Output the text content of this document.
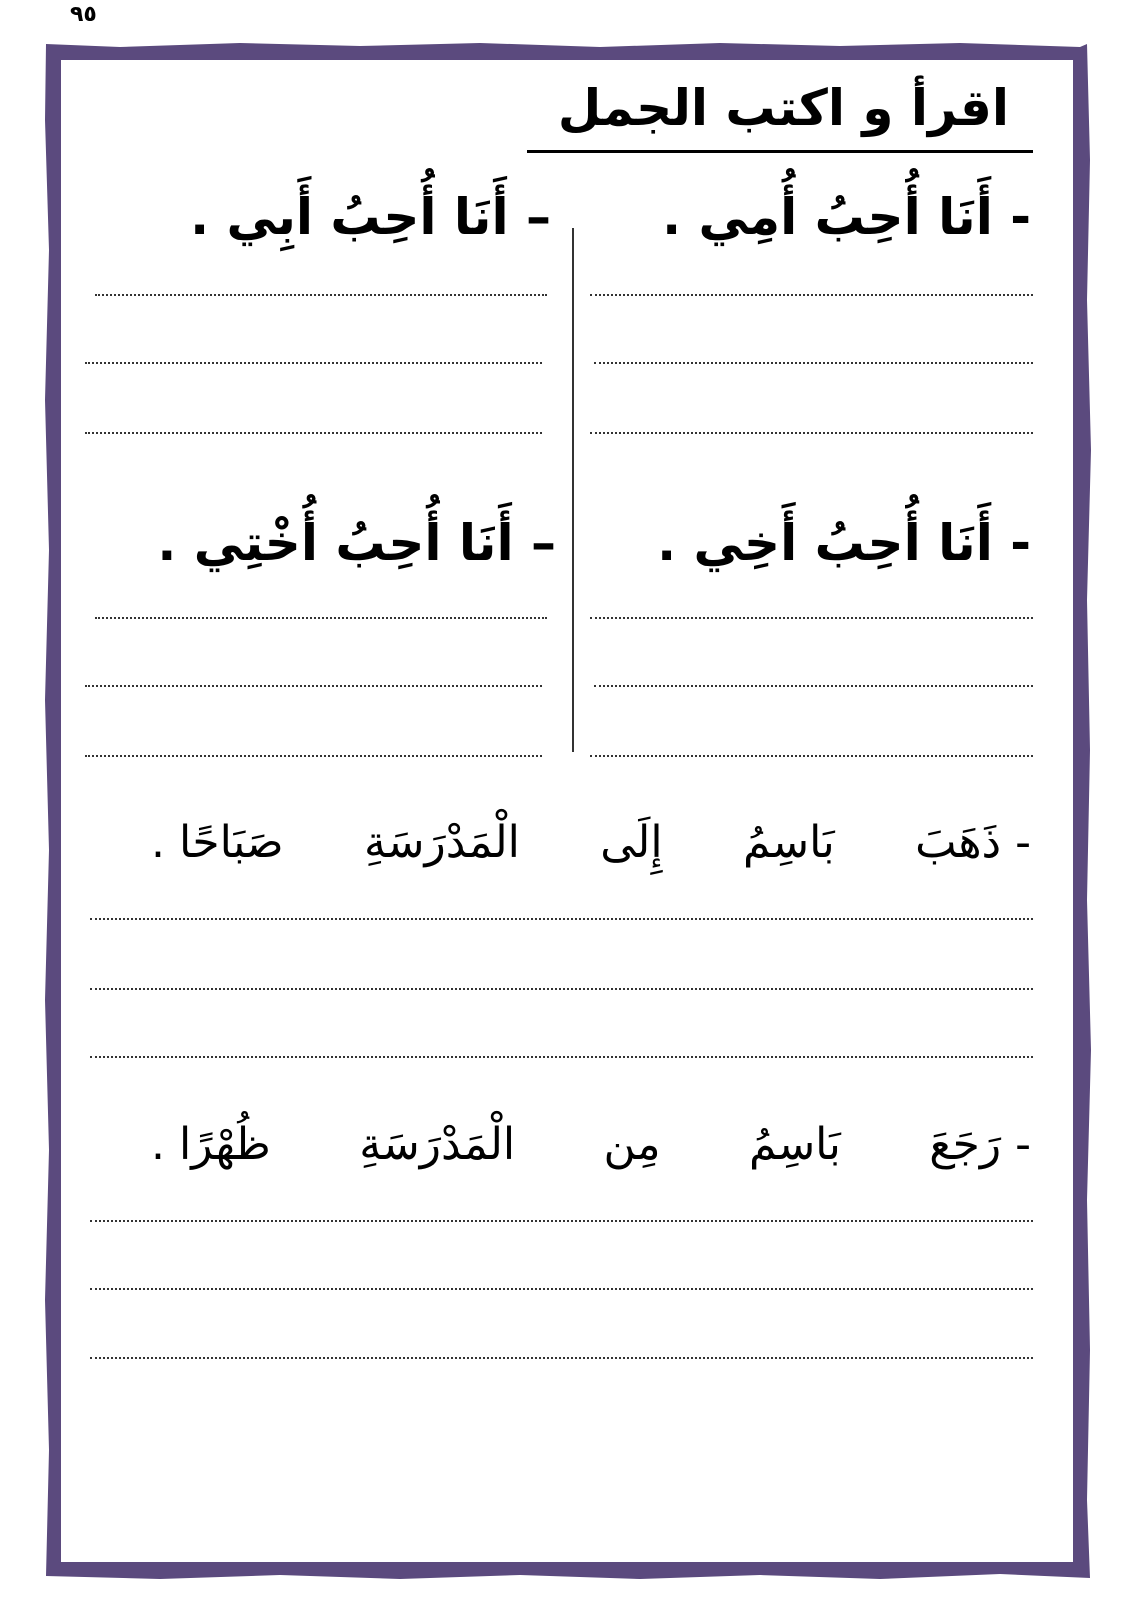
٩٥
اقرأ و اكتب الجمل
- أَنَا أُحِبُ أُمِي .
– أَنَا أُحِبُ أَبِي .
- أَنَا أُحِبُ أَخِي .
– أَنَا أُحِبُ أُخْتِي .
- ذَهَبَ
بَاسِمُ
إِلَى
الْمَدْرَسَةِ
صَبَاحًا .
- رَجَعَ
بَاسِمُ
مِن
الْمَدْرَسَةِ
ظُهْرًا .
